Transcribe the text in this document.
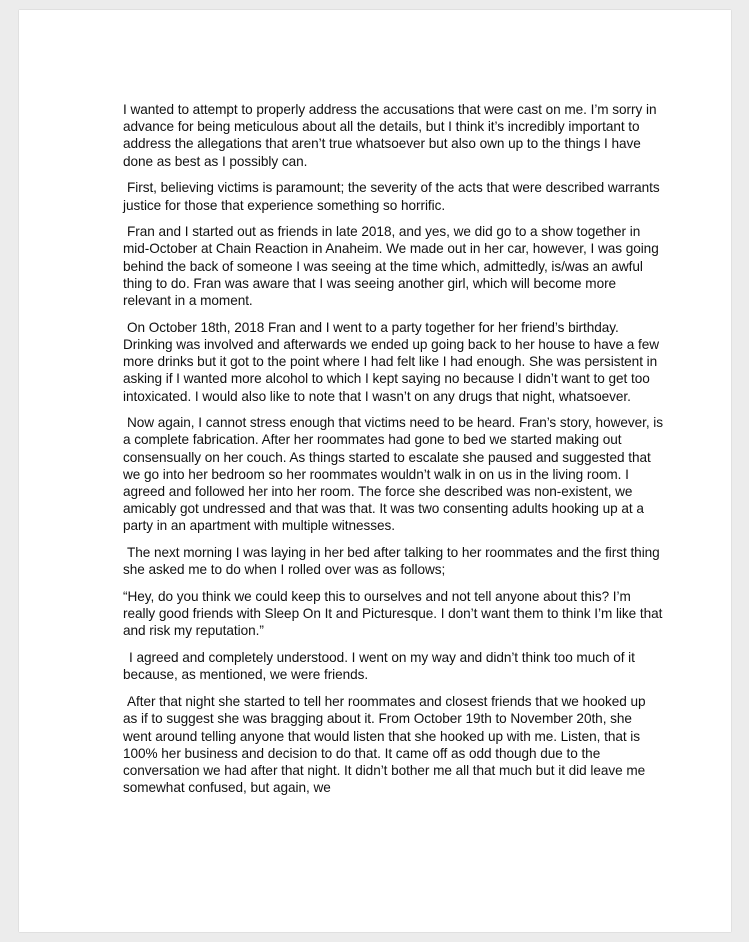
I wanted to attempt to properly address the accusations that were cast on me. I’m sorry in advance for being meticulous about all the details, but I think it’s incredibly important to address the allegations that aren’t true whatsoever but also own up to the things I have done as best as I possibly can.

First, believing victims is paramount; the severity of the acts that were described warrants justice for those that experience something so horrific.

Fran and I started out as friends in late 2018, and yes, we did go to a show together in mid-October at Chain Reaction in Anaheim. We made out in her car, however, I was going behind the back of someone I was seeing at the time which, admittedly, is/was an awful thing to do. Fran was aware that I was seeing another girl, which will become more relevant in a moment.

On October 18th, 2018 Fran and I went to a party together for her friend’s birthday. Drinking was involved and afterwards we ended up going back to her house to have a few more drinks but it got to the point where I had felt like I had enough. She was persistent in asking if I wanted more alcohol to which I kept saying no because I didn’t want to get too intoxicated. I would also like to note that I wasn’t on any drugs that night, whatsoever.

Now again, I cannot stress enough that victims need to be heard. Fran’s story, however, is a complete fabrication. After her roommates had gone to bed we started making out consensually on her couch. As things started to escalate she paused and suggested that we go into her bedroom so her roommates wouldn’t walk in on us in the living room. I agreed and followed her into her room. The force she described was non-existent, we amicably got undressed and that was that. It was two consenting adults hooking up at a party in an apartment with multiple witnesses.

The next morning I was laying in her bed after talking to her roommates and the first thing she asked me to do when I rolled over was as follows;

“Hey, do you think we could keep this to ourselves and not tell anyone about this? I’m really good friends with Sleep On It and Picturesque. I don’t want them to think I’m like that and risk my reputation.”

I agreed and completely understood. I went on my way and didn’t think too much of it because, as mentioned, we were friends.

After that night she started to tell her roommates and closest friends that we hooked up as if to suggest she was bragging about it. From October 19th to November 20th, she went around telling anyone that would listen that she hooked up with me. Listen, that is 100% her business and decision to do that. It came off as odd though due to the conversation we had after that night. It didn’t bother me all that much but it did leave me somewhat confused, but again, we
